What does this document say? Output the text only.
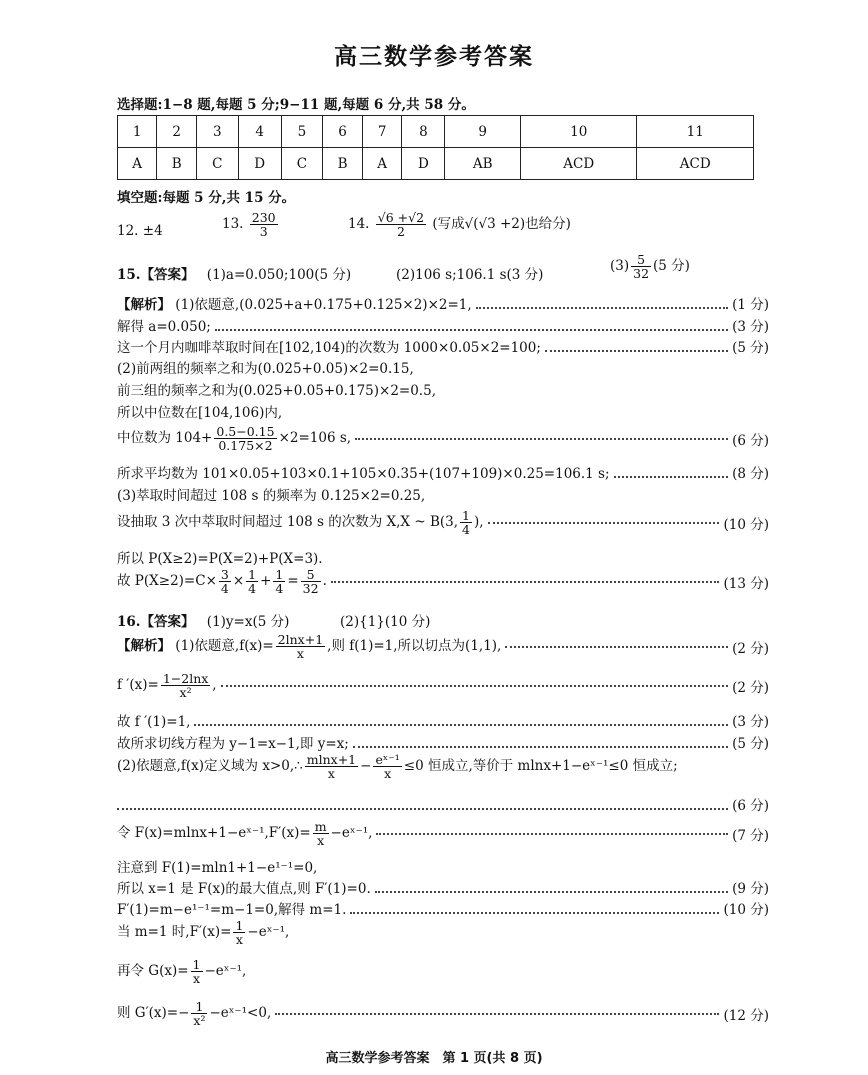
高三数学参考答案
选择题:1−8 题,每题 5 分;9−11 题,每题 6 分,共 58 分。
1	2	3	4	5	6	7	8	9	10	11
A	B	C	D	C	B	A	D	AB	ACD	ACD
填空题:每题 5 分,共 15 分。
12. ±4	13. $\frac{230}{3}$	14. $\frac{√6 +√2}{2}$ (写成√(√3 +2)也给分)
15.【答案】 (1)a=0.050;100(5 分)	(2)106 s;106.1 s(3 分)
$(3) \frac{5}{32} (5$ 分)
【解析】 (1)依题意,(0.025+a+0.175+0.125×2)×2=1,	(1 分)
解得 a=0.050;	(3 分)
这一个月内咖啡萃取时间在[102,104)的次数为 1000×0.05×2=100;	(5 分)
(2)前两组的频率之和为(0.025+0.05)×2=0.15,
前三组的频率之和为(0.025+0.05+0.175)×2=0.5,
所以中位数在[104,106)内,
中位数为 $104+ \frac{0.5-0.15}{0.175\times 2} \times 2=106$ s,	(6 分)
所求平均数为 101×0.05+103×0.1+105×0.35+(107+109)×0.25=106.1 s;	(8 分)
(3)萃取时间超过 108 s 的频率为 0.125×2=0.25,
设抽取 3 次中萃取时间超过 108 s 的次数为 X,X ~ B(3, $\frac{1}{4}$ ),	(10 分)
所以 P(X≥2)=P(X=2)+P(X=3).
故 $P(X\ge 2)=C\times \frac{3}{4} \times \frac{1}{4} + \frac{1}{4} = \frac{5}{32}$ .	(13 分)
16.【答案】 (1)y=x(5 分)	(2){1}(10 分)
【解析】 (1)依题意$,f(x)= \frac{2\ln x+1}{x}$ ,则 f(1)=1,所以切点为(1,1),	(2 分)
f $'(x)= \frac{1-2\ln x}{\text{x²}}$ ,	(2 分)
故 f ′(1)=1,	(3 分)
故所求切线方程为 y−1=x−1,即 y=x;	(5 分)
(2)依题意,f(x)定义域为 x>0,∴ $\frac{mlnx+1}{x} - \frac{\text{eˣ⁻¹}}{x} \le 0$ 恒成立,等价于 mlnx+1−eˣ⁻¹≤0 恒成立;
(6 分)
令 F(x)=mlnx+1−eˣ⁻¹,F′(x)= $\frac{m}{x}$ −eˣ⁻¹,	(7 分)
注意到 F(1)=mln1+1−e¹⁻¹=0,
所以 x=1 是 F(x)的最大值点,则 F′(1)=0.	(9 分)
F′(1)=m−e¹⁻¹=m−1=0,解得 m=1.	(10 分)
当 m=1 时$,F'(x)= \frac{1}{x}$ −eˣ⁻¹,
再令 $G(x)= \frac{1}{x}$ −eˣ⁻¹,
则 $G'(x)=- \frac{1}{\text{x²}}$ −eˣ⁻¹<0,	(12 分)
高三数学参考答案　第 1 页(共 8 页)
